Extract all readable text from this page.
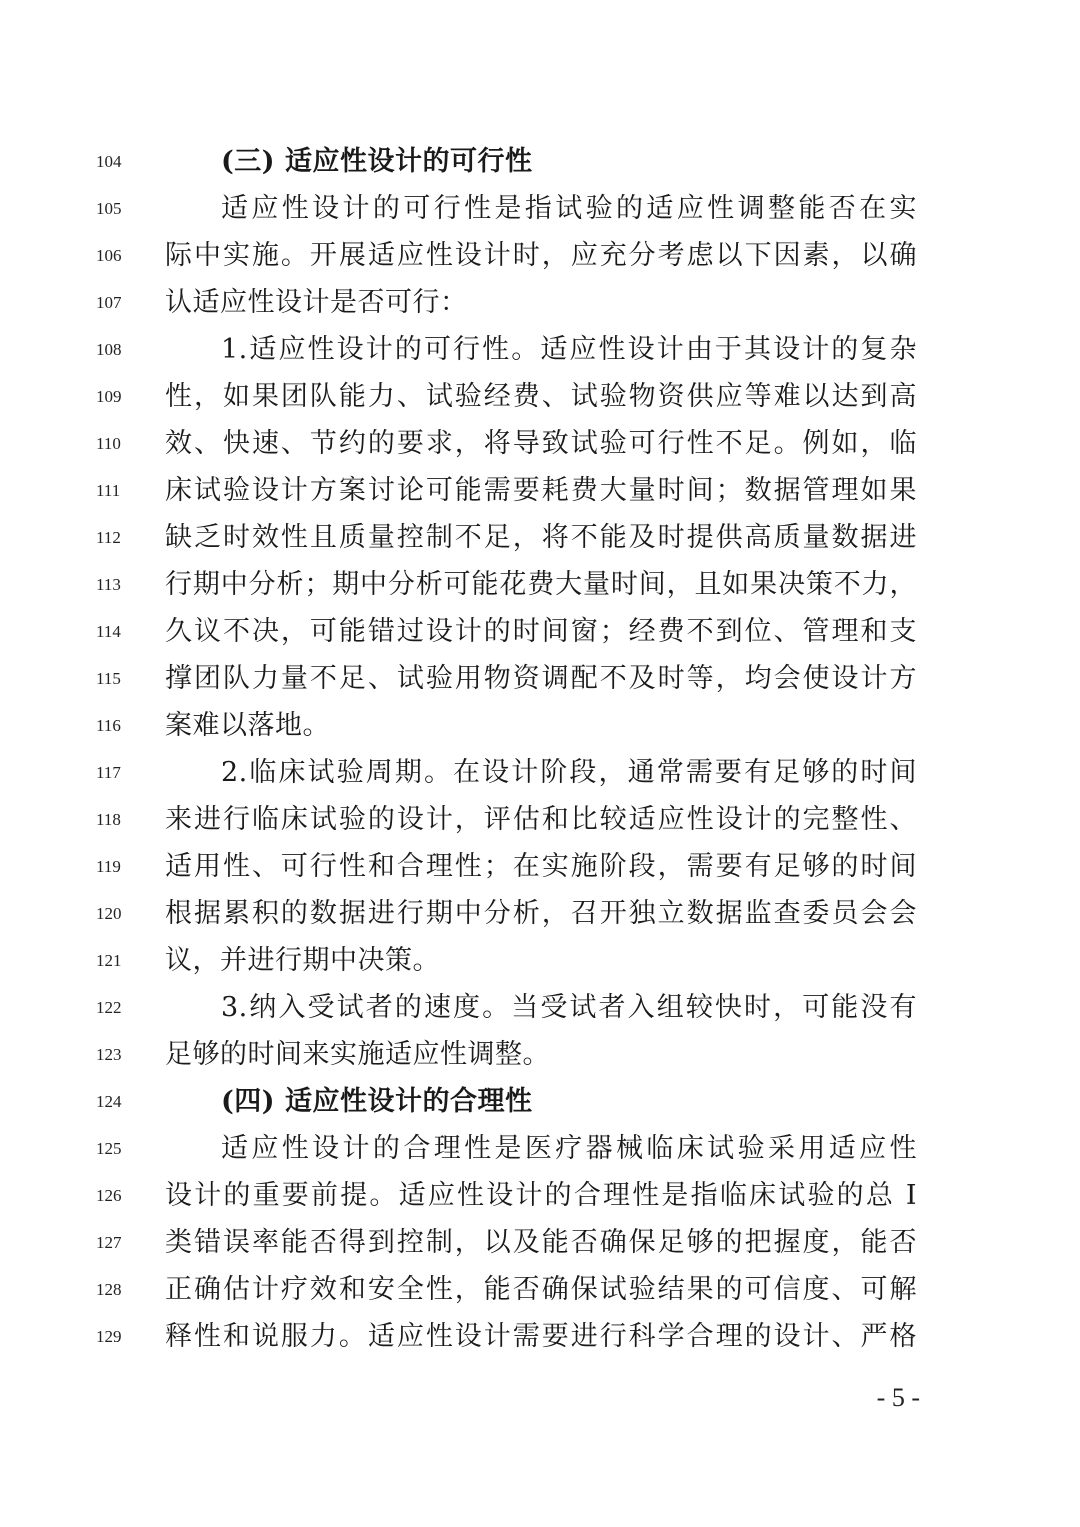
104	(三) 适应性设计的可行性
105	适应性设计的可行性是指试验的适应性调整能否在实
106	际中实施。开展适应性设计时，应充分考虑以下因素，以确
107	认适应性设计是否可行：
108	1.适应性设计的可行性。适应性设计由于其设计的复杂
109	性，如果团队能力、试验经费、试验物资供应等难以达到高
110	效、快速、节约的要求，将导致试验可行性不足。例如，临
111	床试验设计方案讨论可能需要耗费大量时间；数据管理如果
112	缺乏时效性且质量控制不足，将不能及时提供高质量数据进
113	行期中分析；期中分析可能花费大量时间，且如果决策不力，
114	久议不决，可能错过设计的时间窗；经费不到位、管理和支
115	撑团队力量不足、试验用物资调配不及时等，均会使设计方
116	案难以落地。
117	2.临床试验周期。在设计阶段，通常需要有足够的时间
118	来进行临床试验的设计，评估和比较适应性设计的完整性、
119	适用性、可行性和合理性；在实施阶段，需要有足够的时间
120	根据累积的数据进行期中分析，召开独立数据监查委员会会
121	议，并进行期中决策。
122	3.纳入受试者的速度。当受试者入组较快时，可能没有
123	足够的时间来实施适应性调整。
124	(四) 适应性设计的合理性
125	适应性设计的合理性是医疗器械临床试验采用适应性
126	设计的重要前提。适应性设计的合理性是指临床试验的总 I
127	类错误率能否得到控制，以及能否确保足够的把握度，能否
128	正确估计疗效和安全性，能否确保试验结果的可信度、可解
129	释性和说服力。适应性设计需要进行科学合理的设计、严格
- 5 -
